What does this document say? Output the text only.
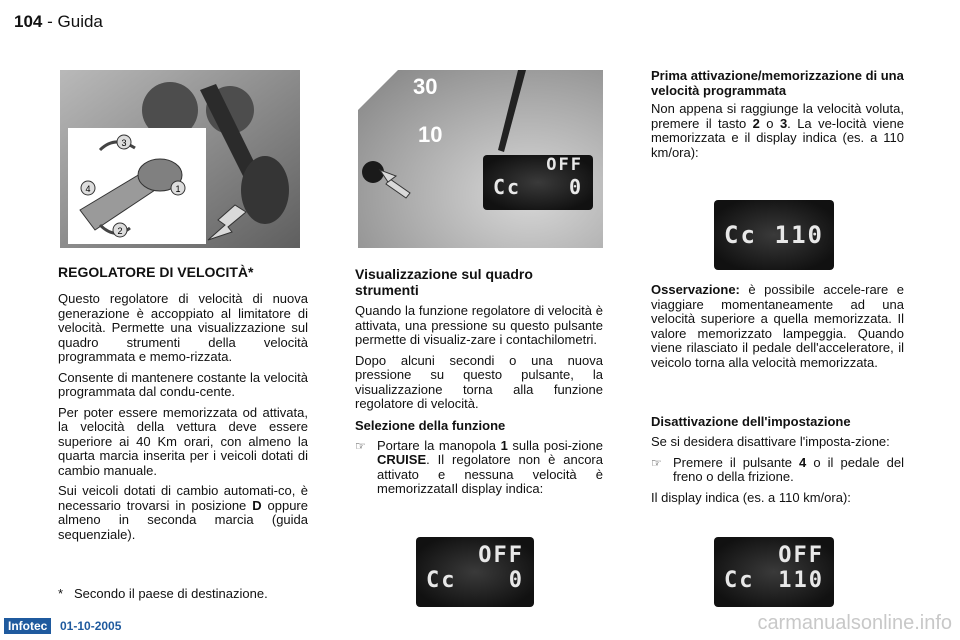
104 - Guida
3
4	1
2
30
10
OFF
Cc 0
REGOLATORE DI VELOCITÀ*

Questo regolatore di velocità di nuova generazione è accoppiato al limitatore di velocità. Permette una visualizzazione sul quadro strumenti della velocità programmata e memo-rizzata.

Consente di mantenere costante la velocità programmata dal condu-cente.

Per poter essere memorizzata od attivata, la velocità della vettura deve essere superiore ai 40 Km orari, con almeno la quarta marcia inserita per i veicoli dotati di cambio manuale.

Sui veicoli dotati di cambio automati-co, è necessario trovarsi in posizione D oppure almeno in seconda marcia (guida sequenziale).

* Secondo il paese di destinazione.
Visualizzazione sul quadro strumenti

Quando la funzione regolatore di velocità è attivata, una pressione su questo pulsante permette di visualiz-zare i contachilometri.

Dopo alcuni secondi o una nuova pressione su questo pulsante, la visualizzazione torna alla funzione regolatore di velocità.

Selezione della funzione
☞ Portare la manopola 1 sulla posi-zione CRUISE. Il regolatore non è ancora attivato e nessuna velocità è memorizzataIl display indica:
Prima attivazione/memorizzazione di una velocità programmata

Non appena si raggiunge la velocità voluta, premere il tasto 2 o 3. La ve-locità viene memorizzata e il display indica (es. a 110 km/ora):

Cc 110

Osservazione: è possibile accele-rare e viaggiare momentaneamente ad una velocità superiore a quella memorizzata. Il valore memorizzato lampeggia. Quando viene rilasciato il pedale dell'acceleratore, il veicolo torna alla velocità memorizzata.

Disattivazione dell'impostazione

Se si desidera disattivare l'imposta-zione:

☞ Premere il pulsante 4 o il pedale del freno o della frizione.

Il display indica (es. a 110 km/ora):

OFF
Cc 0
OFF
Cc 110
Infotec	01-10-2005	carmanualsonline.info
